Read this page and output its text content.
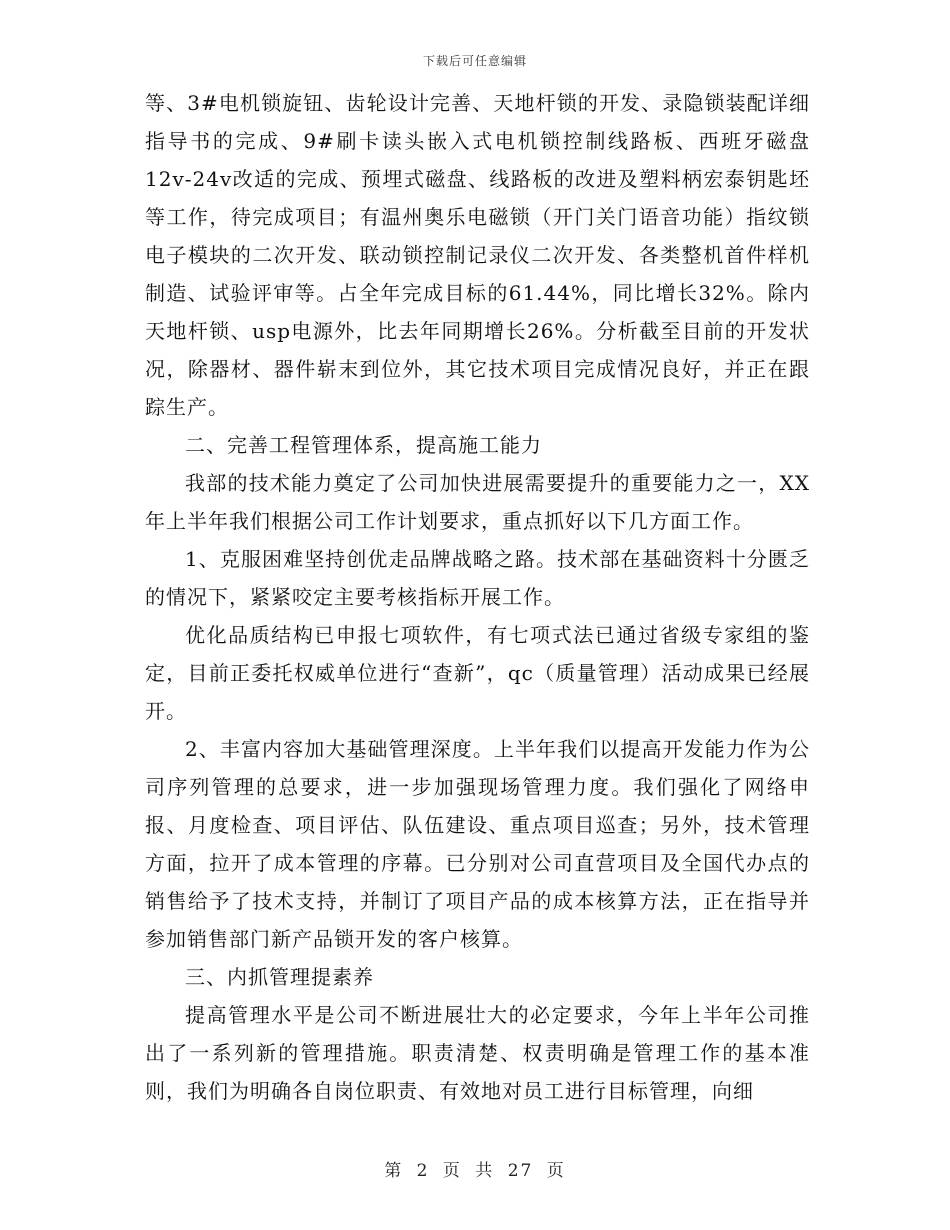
下载后可任意编辑

等、3#电机锁旋钮、齿轮设计完善、天地杆锁的开发、录隐锁装配详细指导书的完成、9#刷卡读头嵌入式电机锁控制线路板、西班牙磁盘12v-24v改适的完成、预埋式磁盘、线路板的改进及塑料柄宏泰钥匙坯等工作，待完成项目；有温州奥乐电磁锁（开门关门语音功能）指纹锁电子模块的二次开发、联动锁控制记录仪二次开发、各类整机首件样机制造、试验评审等。占全年完成目标的61.44%，同比增长32%。除内天地杆锁、usp电源外，比去年同期增长26%。分析截至目前的开发状况，除器材、器件崭末到位外，其它技术项目完成情况良好，并正在跟踪生产。

二、完善工程管理体系，提高施工能力

我部的技术能力奠定了公司加快进展需要提升的重要能力之一，XX年上半年我们根据公司工作计划要求，重点抓好以下几方面工作。

1、克服困难坚持创优走品牌战略之路。技术部在基础资料十分匮乏的情况下，紧紧咬定主要考核指标开展工作。

优化品质结构已申报七项软件，有七项式法已通过省级专家组的鉴定，目前正委托权威单位进行“查新”，qc（质量管理）活动成果已经展开。

2、丰富内容加大基础管理深度。上半年我们以提高开发能力作为公司序列管理的总要求，进一步加强现场管理力度。我们强化了网络申报、月度检查、项目评估、队伍建设、重点项目巡查；另外，技术管理方面，拉开了成本管理的序幕。已分别对公司直营项目及全国代办点的销售给予了技术支持，并制订了项目产品的成本核算方法，正在指导并参加销售部门新产品锁开发的客户核算。

三、内抓管理提素养

提高管理水平是公司不断进展壮大的必定要求，今年上半年公司推出了一系列新的管理措施。职责清楚、权责明确是管理工作的基本准则，我们为明确各自岗位职责、有效地对员工进行目标管理，向细

第 2 页 共 27 页
